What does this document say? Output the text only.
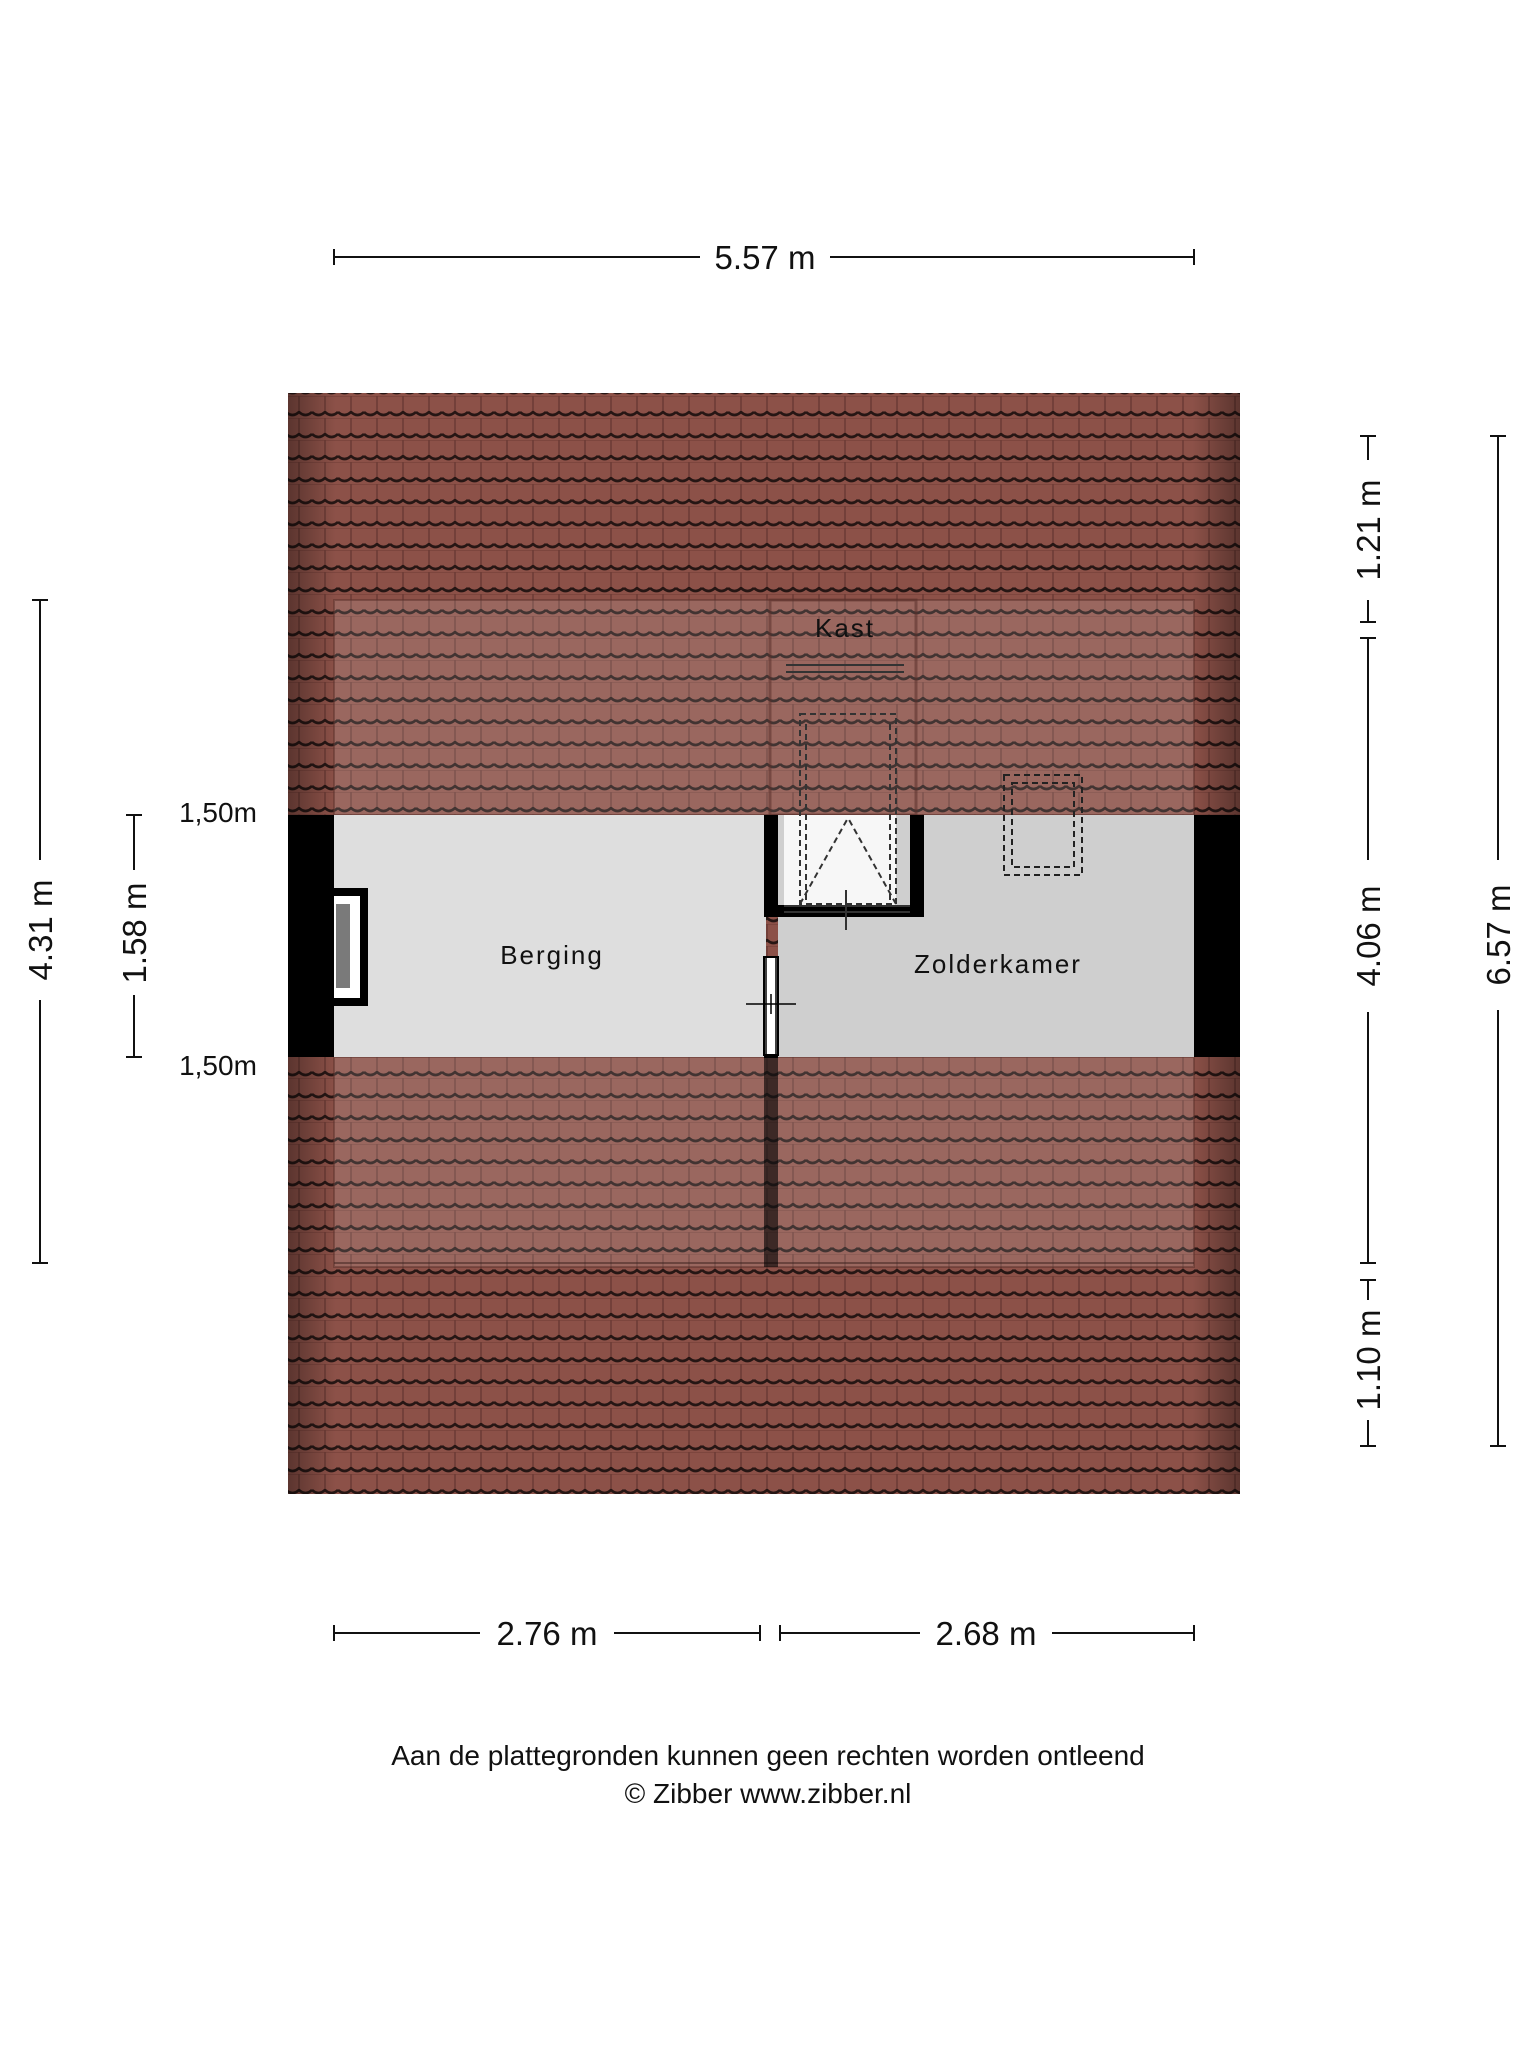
Kast
Berging	Zolderkamer
1,50m
1,50m
5.57 m
2.76 m	2.68 m
4.31 m 1.58 m
1.21 m
4.06 m
1.10 m
6.57 m
Aan de plattegronden kunnen geen rechten worden ontleend
© Zibber www.zibber.nl
